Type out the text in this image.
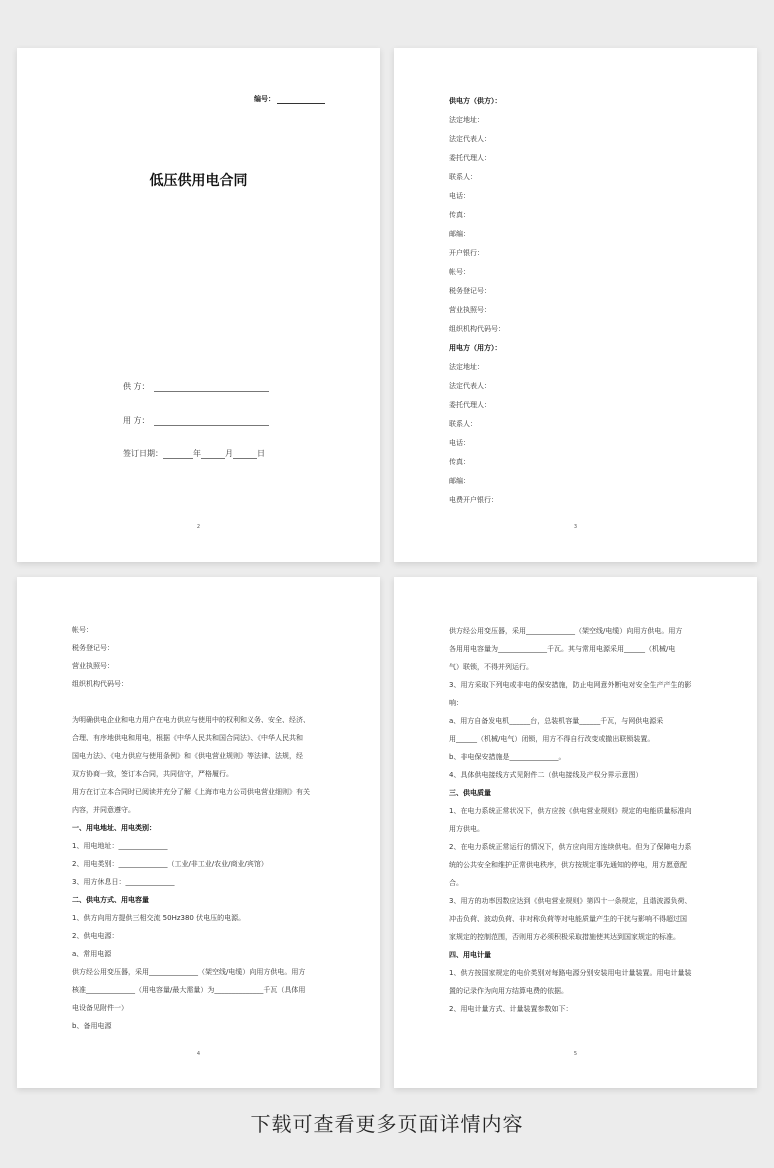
编号：
低压供用电合同
供 方：
用 方：
签订日期：	年	月	日
2
供电方（供方）：
法定地址：
法定代表人：
委托代理人：
联系人：
电话：
传真：
邮编：
开户银行：
帐号：
税务登记号：
营业执照号：
组织机构代码号：
用电方（用方）：
法定地址：
法定代表人：
委托代理人：
联系人：
电话：
传真：
邮编：
电费开户银行：
3
帐号：
税务登记号：
营业执照号：
组织机构代码号：
为明确供电企业和电力用户在电力供应与使用中的权利和义务、安全、经济、
合理、有序地供电和用电，根据《中华人民共和国合同法》、《中华人民共和
国电力法》、《电力供应与使用条例》和《供电营业规则》等法律、法规，经
双方协商一致，签订本合同，共同信守，严格履行。
用方在订立本合同时已阅读并充分了解《上海市电力公司供电营业细则》有关
内容，并同意遵守。
一、用电地址、用电类别：
1、用电地址：______________
2、用电类别：______________（工业/非工业/农业/商业/宾馆）
3、用方休息日：______________
二、供电方式、用电容量
1、供方向用方提供三相交流 50Hz380 伏电压的电源。
2、供电电源：
a、常用电源
供方经公用变压器，采用______________（架空线/电缆）向用方供电。用方
核准______________（用电容量/最大需量）为______________千瓦（具体用
电设备见附件一）
b、备用电源
4
供方经公用变压器，采用______________（架空线/电缆）向用方供电。用方
各用用电容量为______________千瓦。其与常用电源采用______（机械/电
气）联锁，不得并列运行。
3、用方采取下列电或非电的保安措施，防止电网意外断电对安全生产产生的影
响：
a、用方自备发电机______台，总装机容量______千瓦，与网供电源采
用______（机械/电气）闭锁，用方不得自行改变或撤出联锁装置。
b、非电保安措施是______________。
4、具体供电接线方式见附件二（供电接线及产权分界示意图）
三、供电质量
1、在电力系统正常状况下，供方应按《供电营业规则》规定的电能质量标准向
用方供电。
2、在电力系统正常运行的情况下，供方应向用方连续供电。但为了保障电力系
统的公共安全和维护正常供电秩序，供方按规定事先通知的停电，用方愿意配
合。
3、用方的功率因数应达到《供电营业规则》第四十一条规定，且谐波源负荷、
冲击负荷、波动负荷、非对称负荷等对电能质量产生的干扰与影响不得超过国
家规定的控制范围，否则用方必须积极采取措施使其达到国家规定的标准。
四、用电计量
1、供方按国家规定的电价类别对每路电源分别安装用电计量装置。用电计量装
置的记录作为向用方结算电费的依据。
2、用电计量方式、计量装置参数如下：
5
下载可查看更多页面详情内容
